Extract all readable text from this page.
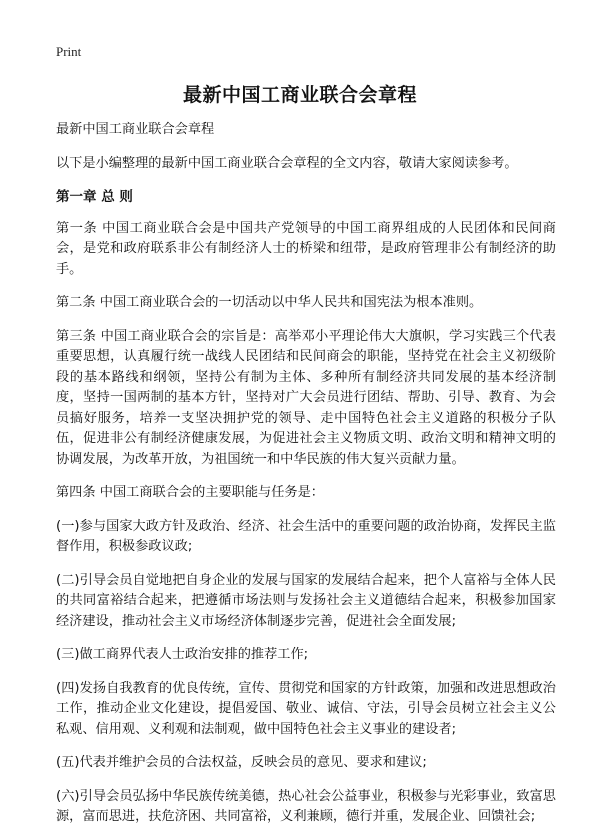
Print
最新中国工商业联合会章程

最新中国工商业联合会章程

以下是小编整理的最新中国工商业联合会章程的全文内容，敬请大家阅读参考。

第一章 总 则

第一条 中国工商业联合会是中国共产党领导的中国工商界组成的人民团体和民间商会，是党和政府联系非公有制经济人士的桥梁和纽带，是政府管理非公有制经济的助手。

第二条 中国工商业联合会的一切活动以中华人民共和国宪法为根本准则。

第三条 中国工商业联合会的宗旨是：高举邓小平理论伟大大旗帜，学习实践三个代表重要思想，认真履行统一战线人民团结和民间商会的职能，坚持党在社会主义初级阶段的基本路线和纲领，坚持公有制为主体、多种所有制经济共同发展的基本经济制度，坚持一国两制的基本方针，坚持对广大会员进行团结、帮助、引导、教育、为会员搞好服务，培养一支坚决拥护党的领导、走中国特色社会主义道路的积极分子队伍，促进非公有制经济健康发展，为促进社会主义物质文明、政治文明和精神文明的协调发展，为改革开放，为祖国统一和中华民族的伟大复兴贡献力量。

第四条 中国工商联合会的主要职能与任务是：

(一)参与国家大政方针及政治、经济、社会生活中的重要问题的政治协商，发挥民主监督作用，积极参政议政;

(二)引导会员自觉地把自身企业的发展与国家的发展结合起来，把个人富裕与全体人民的共同富裕结合起来，把遵循市场法则与发扬社会主义道德结合起来，积极参加国家经济建设，推动社会主义市场经济体制逐步完善，促进社会全面发展;

(三)做工商界代表人士政治安排的推荐工作;

(四)发扬自我教育的优良传统，宣传、贯彻党和国家的方针政策，加强和改进思想政治工作，推动企业文化建设，提倡爱国、敬业、诚信、守法，引导会员树立社会主义公私观、信用观、义利观和法制观，做中国特色社会主义事业的建设者;

(五)代表并维护会员的合法权益，反映会员的意见、要求和建议;

(六)引导会员弘扬中华民族传统美德，热心社会公益事业，积极参与光彩事业，致富思源，富而思进，扶危济困、共同富裕，义利兼顾，德行并重，发展企业、回馈社会;
